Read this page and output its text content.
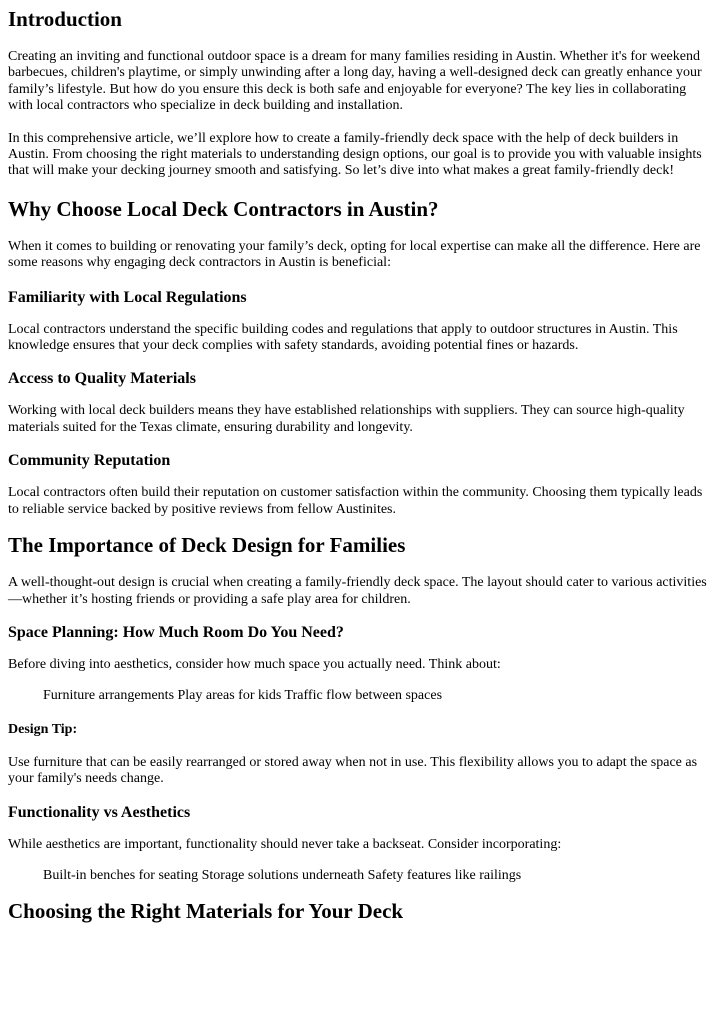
Introduction

Creating an inviting and functional outdoor space is a dream for many families residing in Austin. Whether it's for weekend barbecues, children's playtime, or simply unwinding after a long day, having a well-designed deck can greatly enhance your family’s lifestyle. But how do you ensure this deck is both safe and enjoyable for everyone? The key lies in collaborating with local contractors who specialize in deck building and installation.

In this comprehensive article, we’ll explore how to create a family-friendly deck space with the help of deck builders in Austin. From choosing the right materials to understanding design options, our goal is to provide you with valuable insights that will make your decking journey smooth and satisfying. So let’s dive into what makes a great family-friendly deck!

Why Choose Local Deck Contractors in Austin?

When it comes to building or renovating your family’s deck, opting for local expertise can make all the difference. Here are some reasons why engaging deck contractors in Austin is beneficial:

Familiarity with Local Regulations

Local contractors understand the specific building codes and regulations that apply to outdoor structures in Austin. This knowledge ensures that your deck complies with safety standards, avoiding potential fines or hazards.

Access to Quality Materials

Working with local deck builders means they have established relationships with suppliers. They can source high-quality materials suited for the Texas climate, ensuring durability and longevity.

Community Reputation

Local contractors often build their reputation on customer satisfaction within the community. Choosing them typically leads to reliable service backed by positive reviews from fellow Austinites.

The Importance of Deck Design for Families

A well-thought-out design is crucial when creating a family-friendly deck space. The layout should cater to various activities—whether it’s hosting friends or providing a safe play area for children.

Space Planning: How Much Room Do You Need?

Before diving into aesthetics, consider how much space you actually need. Think about:

Furniture arrangements Play areas for kids Traffic flow between spaces

Design Tip:

Use furniture that can be easily rearranged or stored away when not in use. This flexibility allows you to adapt the space as your family's needs change.

Functionality vs Aesthetics

While aesthetics are important, functionality should never take a backseat. Consider incorporating:

Built-in benches for seating Storage solutions underneath Safety features like railings

Choosing the Right Materials for Your Deck
